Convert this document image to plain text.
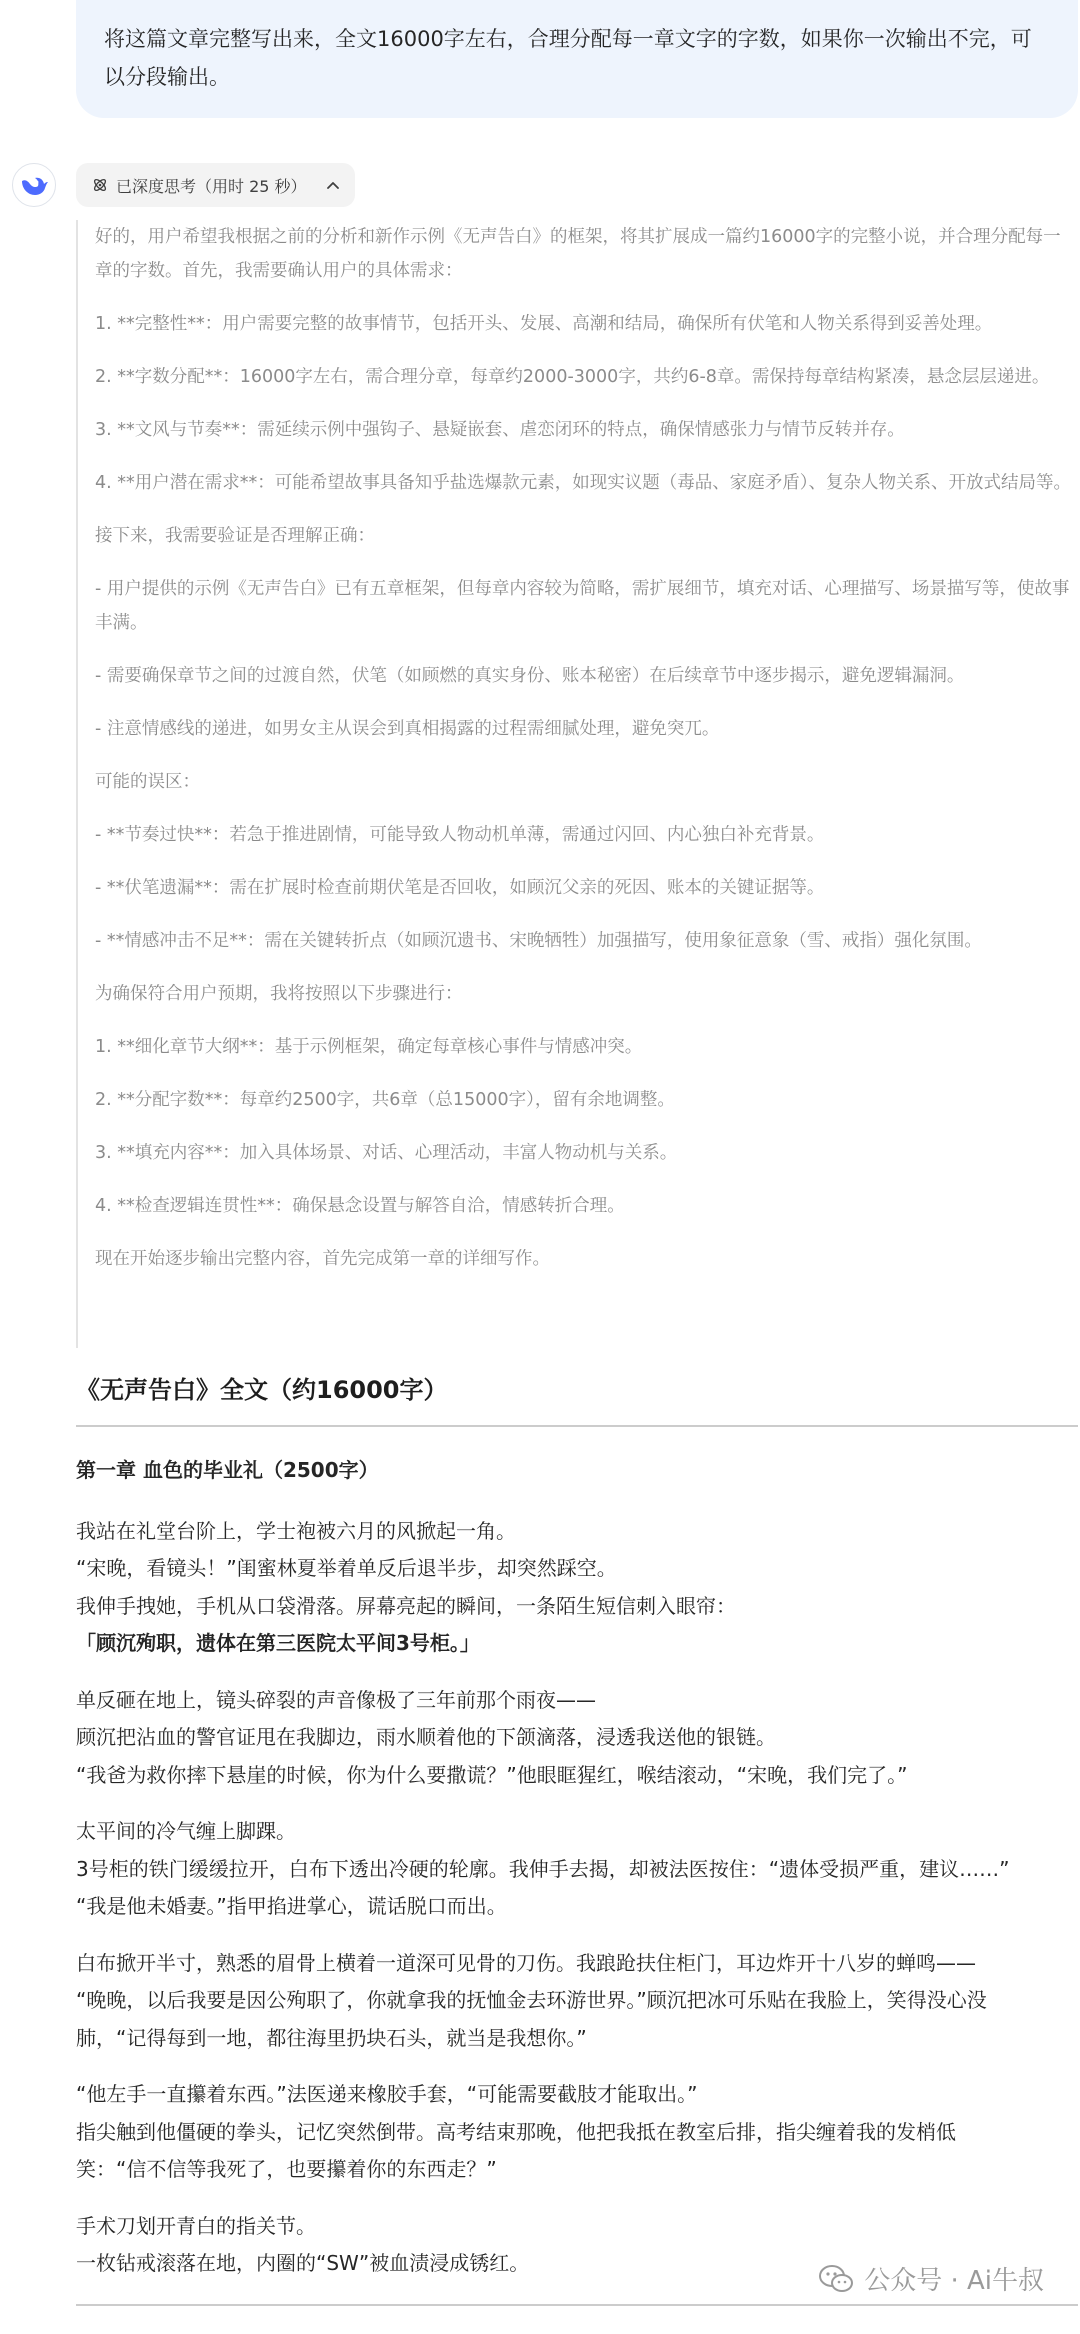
将这篇文章完整写出来，全文16000字左右，合理分配每一章文字的字数，如果你一次输出不完，可
以分段输出。
已深度思考（用时 25 秒）

好的，用户希望我根据之前的分析和新作示例《无声告白》的框架，将其扩展成一篇约16000字的完整小说，并合理分配每一章的字数。首先，我需要确认用户的具体需求：

1. **完整性**：用户需要完整的故事情节，包括开头、发展、高潮和结局，确保所有伏笔和人物关系得到妥善处理。

2. **字数分配**：16000字左右，需合理分章，每章约2000-3000字，共约6-8章。需保持每章结构紧凑，悬念层层递进。

3. **文风与节奏**：需延续示例中强钩子、悬疑嵌套、虐恋闭环的特点，确保情感张力与情节反转并存。

4. **用户潜在需求**：可能希望故事具备知乎盐选爆款元素，如现实议题（毒品、家庭矛盾）、复杂人物关系、开放式结局等。

接下来，我需要验证是否理解正确：

- 用户提供的示例《无声告白》已有五章框架，但每章内容较为简略，需扩展细节，填充对话、心理描写、场景描写等，使故事丰满。

- 需要确保章节之间的过渡自然，伏笔（如顾燃的真实身份、账本秘密）在后续章节中逐步揭示，避免逻辑漏洞。

- 注意情感线的递进，如男女主从误会到真相揭露的过程需细腻处理，避免突兀。

可能的误区：

- **节奏过快**：若急于推进剧情，可能导致人物动机单薄，需通过闪回、内心独白补充背景。

- **伏笔遗漏**：需在扩展时检查前期伏笔是否回收，如顾沉父亲的死因、账本的关键证据等。

- **情感冲击不足**：需在关键转折点（如顾沉遗书、宋晚牺牲）加强描写，使用象征意象（雪、戒指）强化氛围。

为确保符合用户预期，我将按照以下步骤进行：

1. **细化章节大纲**：基于示例框架，确定每章核心事件与情感冲突。

2. **分配字数**：每章约2500字，共6章（总15000字），留有余地调整。

3. **填充内容**：加入具体场景、对话、心理活动，丰富人物动机与关系。

4. **检查逻辑连贯性**：确保悬念设置与解答自洽，情感转折合理。

现在开始逐步输出完整内容，首先完成第一章的详细写作。

《无声告白》全文（约16000字）
第一章 血色的毕业礼（2500字）
我站在礼堂台阶上，学士袍被六月的风掀起一角。
“宋晚，看镜头！”闺蜜林夏举着单反后退半步，却突然踩空。
我伸手拽她，手机从口袋滑落。屏幕亮起的瞬间，一条陌生短信刺入眼帘：
「顾沉殉职，遗体在第三医院太平间3号柜。」
单反砸在地上，镜头碎裂的声音像极了三年前那个雨夜——
顾沉把沾血的警官证甩在我脚边，雨水顺着他的下颌滴落，浸透我送他的银链。
“我爸为救你摔下悬崖的时候，你为什么要撒谎？”他眼眶猩红，喉结滚动，“宋晚，我们完了。”
太平间的冷气缠上脚踝。
3号柜的铁门缓缓拉开，白布下透出冷硬的轮廓。我伸手去揭，却被法医按住：“遗体受损严重，建议……”
“我是他未婚妻。”指甲掐进掌心，谎话脱口而出。
白布掀开半寸，熟悉的眉骨上横着一道深可见骨的刀伤。我踉跄扶住柜门，耳边炸开十八岁的蝉鸣——
“晚晚，以后我要是因公殉职了，你就拿我的抚恤金去环游世界。”顾沉把冰可乐贴在我脸上，笑得没心没
肺，“记得每到一地，都往海里扔块石头，就当是我想你。”
“他左手一直攥着东西。”法医递来橡胶手套，“可能需要截肢才能取出。”
指尖触到他僵硬的拳头，记忆突然倒带。高考结束那晚，他把我抵在教室后排，指尖缠着我的发梢低
笑：“信不信等我死了，也要攥着你的东西走？”
手术刀划开青白的指关节。
一枚钻戒滚落在地，内圈的“SW”被血渍浸成锈红。
公众号 · Ai牛叔
